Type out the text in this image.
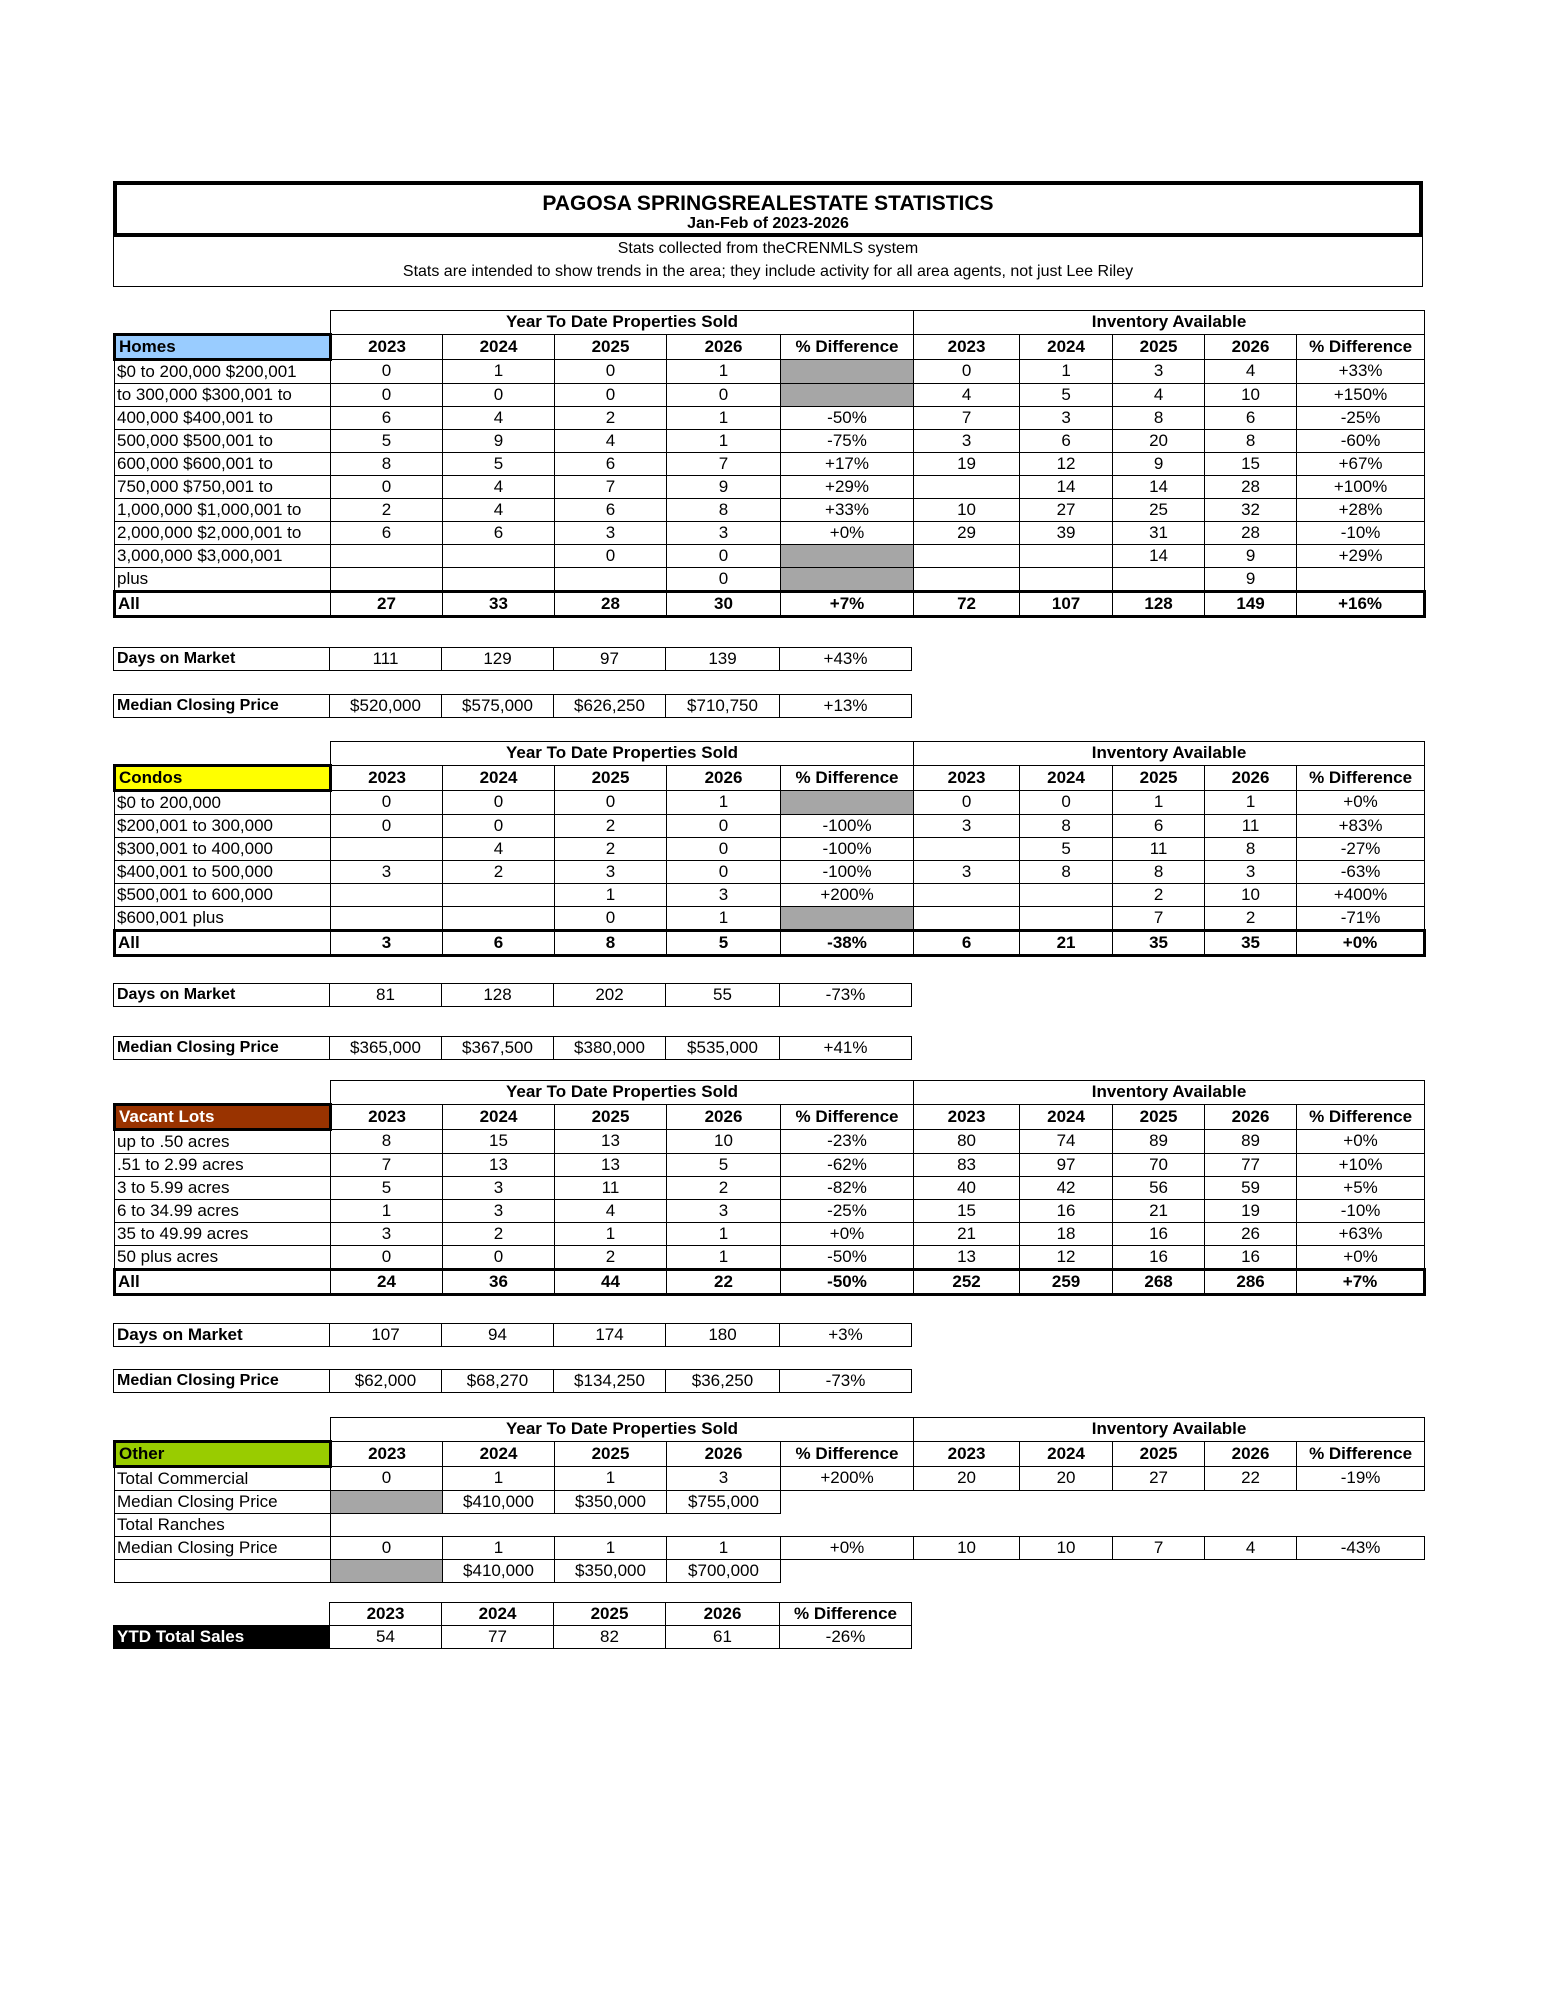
PAGOSA SPRINGSREALESTATE STATISTICS
Jan-Feb of 2023-2026
Stats collected from theCRENMLS system
Stats are intended to show trends in the area; they include activity for all area agents, not just Lee Riley
	Year To Date Properties Sold					Inventory Available				
Homes	2023	2024	2025	2026	% Difference	2023	2024	2025	2026	% Difference
$0 to 200,000 $200,001	0	1	0	1		0	1	3	4	+33%
to 300,000 $300,001 to	0	0	0	0		4	5	4	10	+150%
400,000 $400,001 to	6	4	2	1	-50%	7	3	8	6	-25%
500,000 $500,001 to	5	9	4	1	-75%	3	6	20	8	-60%
600,000 $600,001 to	8	5	6	7	+17%	19	12	9	15	+67%
750,000 $750,001 to	0	4	7	9	+29%		14	14	28	+100%
1,000,000 $1,000,001 to	2	4	6	8	+33%	10	27	25	32	+28%
2,000,000 $2,000,001 to	6	6	3	3	+0%	29	39	31	28	-10%
3,000,000 $3,000,001			0	0				14	9	+29%
plus				0					9	
All	27	33	28	30	+7%	72	107	128	149	+16%
Days on Market	111	129	97	139	+43%
Median Closing Price	$520,000	$575,000	$626,250	$710,750	+13%
	Year To Date Properties Sold					Inventory Available				
Condos	2023	2024	2025	2026	% Difference	2023	2024	2025	2026	% Difference
$0 to 200,000	0	0	0	1		0	0	1	1	+0%
$200,001 to 300,000	0	0	2	0	-100%	3	8	6	11	+83%
$300,001 to 400,000		4	2	0	-100%		5	11	8	-27%
$400,001 to 500,000	3	2	3	0	-100%	3	8	8	3	-63%
$500,001 to 600,000			1	3	+200%			2	10	+400%
$600,001 plus			0	1				7	2	-71%
All	3	6	8	5	-38%	6	21	35	35	+0%
Days on Market	81	128	202	55	-73%
Median Closing Price	$365,000	$367,500	$380,000	$535,000	+41%
	Year To Date Properties Sold					Inventory Available				
Vacant Lots	2023	2024	2025	2026	% Difference	2023	2024	2025	2026	% Difference
up to .50 acres	8	15	13	10	-23%	80	74	89	89	+0%
.51 to 2.99 acres	7	13	13	5	-62%	83	97	70	77	+10%
3 to 5.99 acres	5	3	11	2	-82%	40	42	56	59	+5%
6 to 34.99 acres	1	3	4	3	-25%	15	16	21	19	-10%
35 to 49.99 acres	3	2	1	1	+0%	21	18	16	26	+63%
50 plus acres	0	0	2	1	-50%	13	12	16	16	+0%
All	24	36	44	22	-50%	252	259	268	286	+7%
Days on Market	107	94	174	180	+3%
Median Closing Price	$62,000	$68,270	$134,250	$36,250	-73%
	Year To Date Properties Sold					Inventory Available				
Other	2023	2024	2025	2026	% Difference	2023	2024	2025	2026	% Difference
Total Commercial	0	1	1	3	+200%	20	20	27	22	-19%
Median Closing Price		$410,000	$350,000	$755,000						
Total Ranches										
Median Closing Price	0	1	1	1	+0%	10	10	7	4	-43%
		$410,000	$350,000	$700,000						
	2023	2024	2025	2026	% Difference
YTD Total Sales	54	77	82	61	-26%
